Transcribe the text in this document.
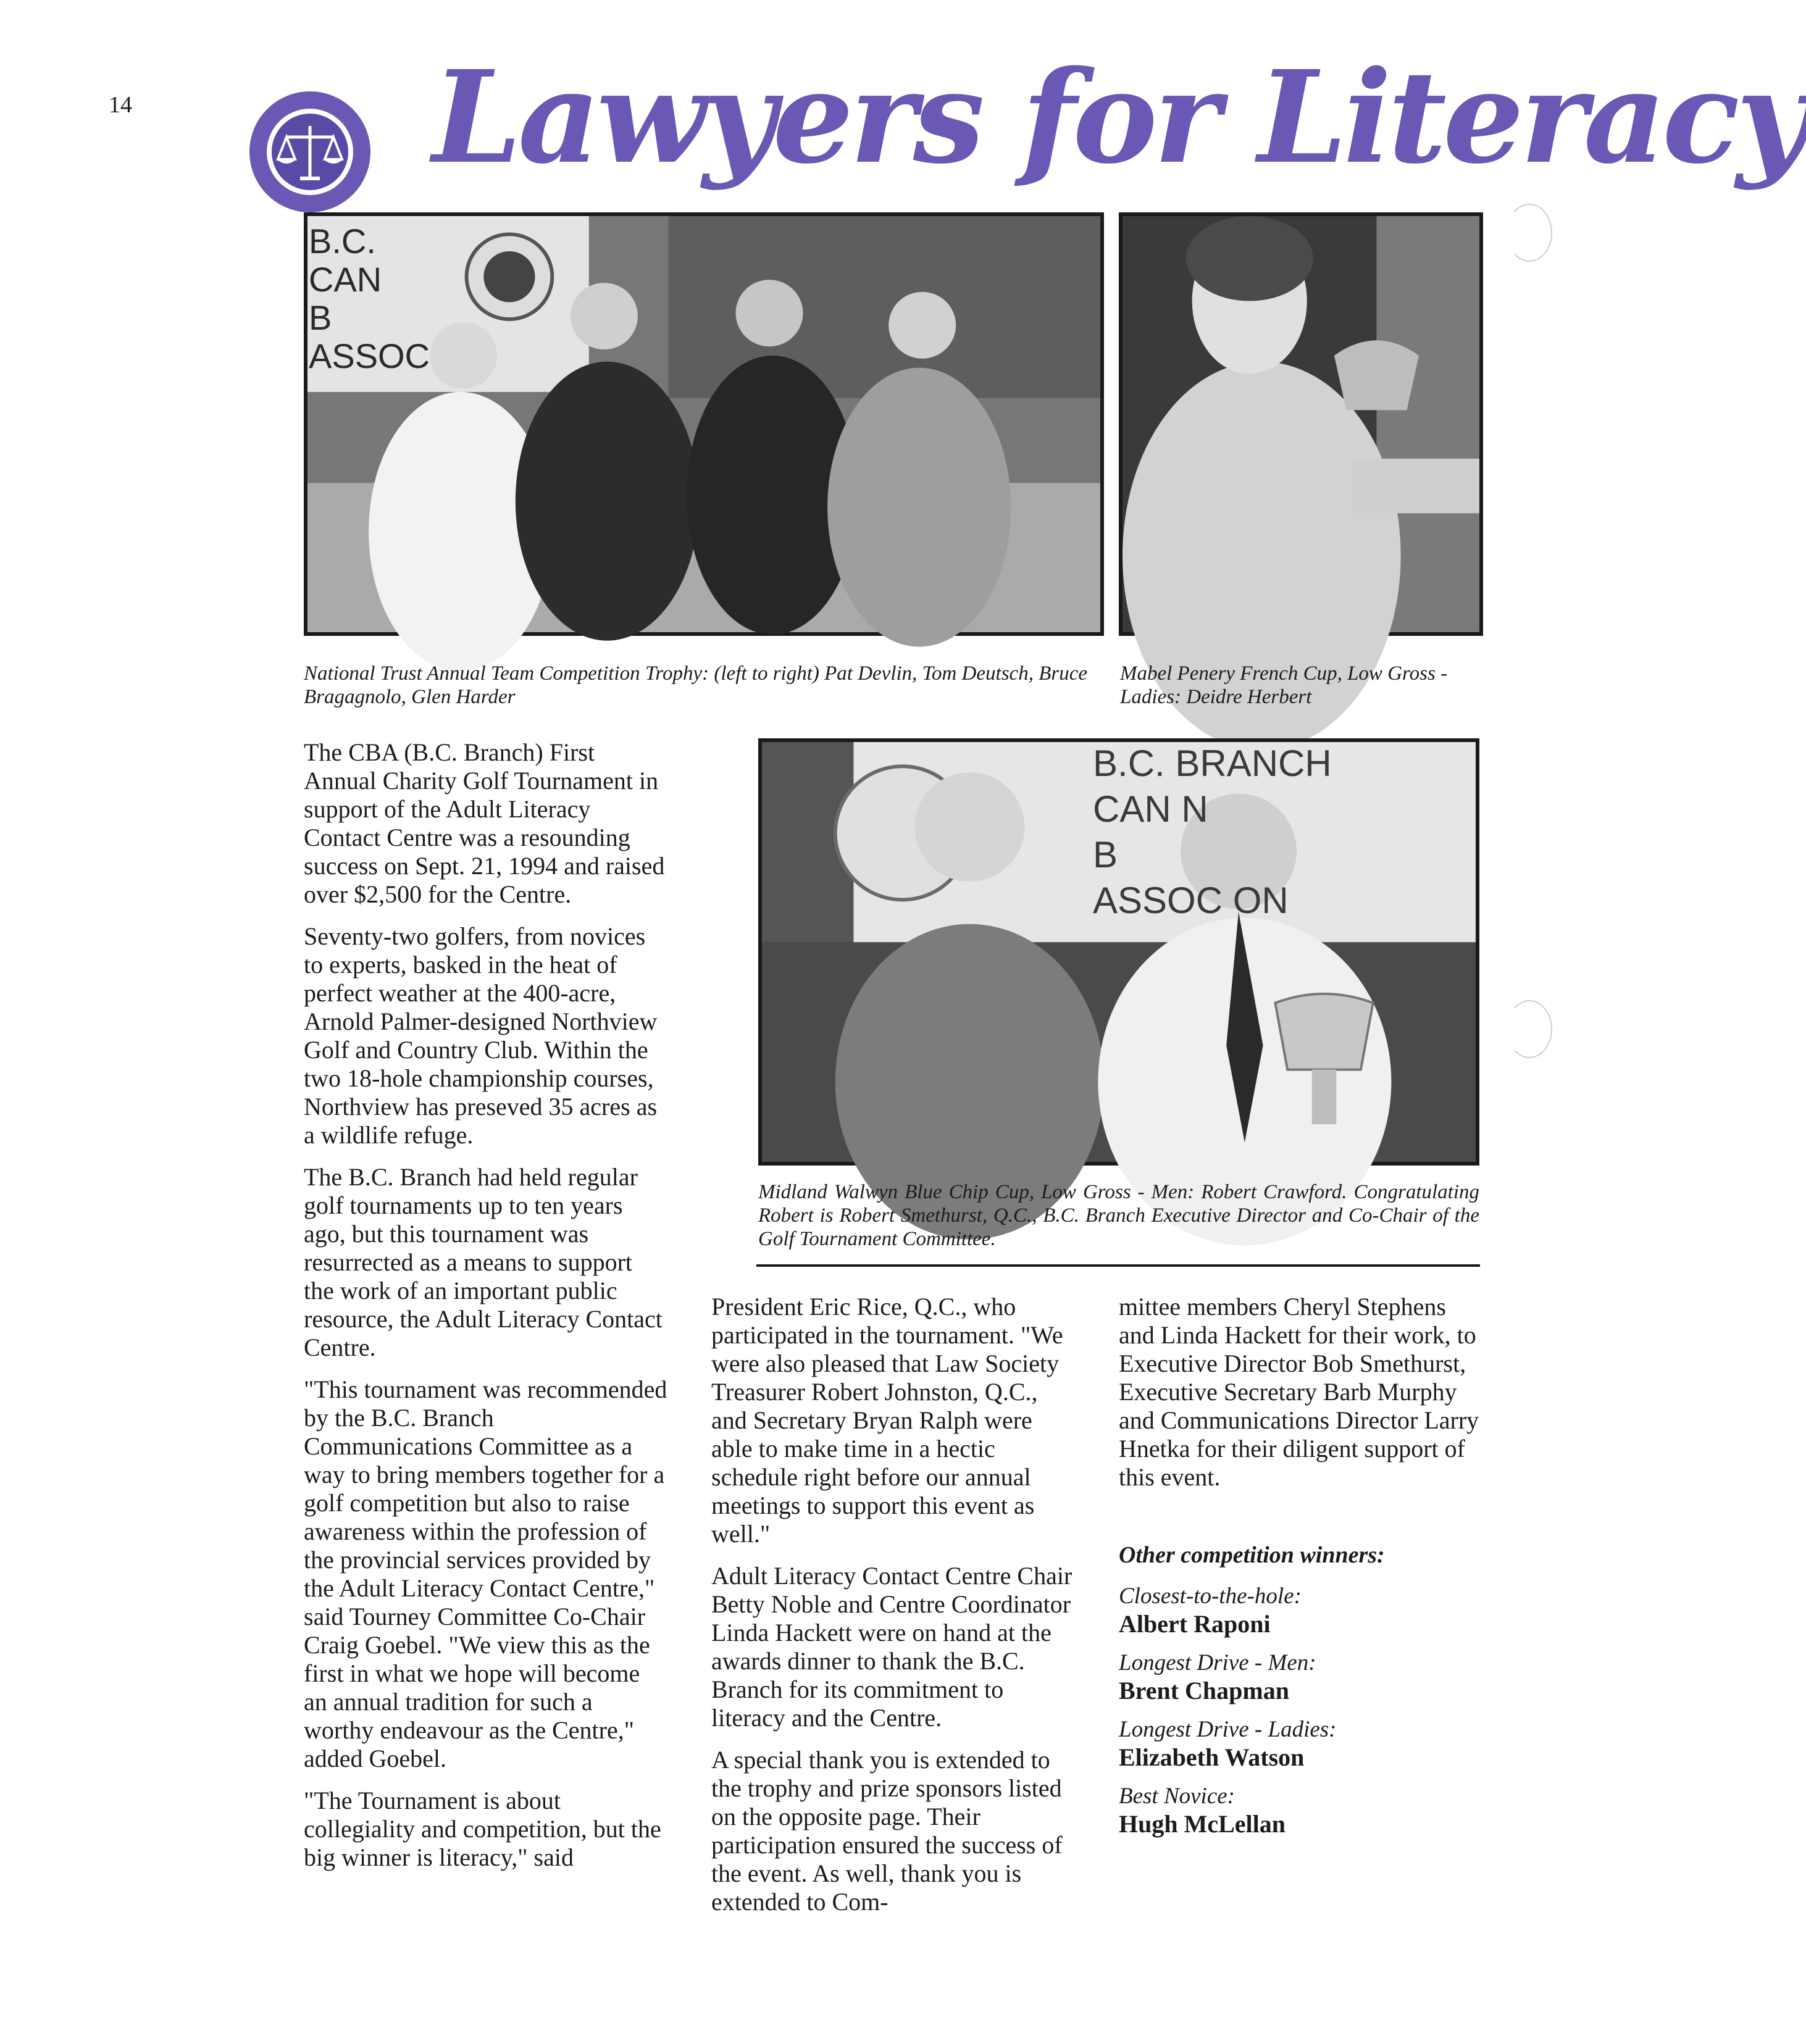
14 Lawyers for Literacy
B.C.
CAN
B
ASSOC
National Trust Annual Team Competition Trophy: (left to right) Pat Devlin, Tom Deutsch, Bruce Bragagnolo, Glen Harder
Mabel Penery French Cup, Low Gross - Ladies: Deidre Herbert
B.C. BRANCH
CAN N
B
ASSOC ON
Midland Walwyn Blue Chip Cup, Low Gross - Men: Robert Crawford. Congratulating Robert is Robert Smethurst, Q.C., B.C. Branch Executive Director and Co-Chair of the Golf Tournament Committee.

The CBA (B.C. Branch) First Annual Charity Golf Tournament in support of the Adult Literacy Contact Centre was a resounding success on Sept. 21, 1994 and raised over $2,500 for the Centre.

Seventy-two golfers, from novices to experts, basked in the heat of perfect weather at the 400-acre, Arnold Palmer-designed Northview Golf and Country Club. Within the two 18-hole championship courses, Northview has preseved 35 acres as a wildlife refuge.

The B.C. Branch had held regular golf tournaments up to ten years ago, but this tournament was resurrected as a means to support the work of an important public resource, the Adult Literacy Contact Centre.

"This tournament was recommended by the B.C. Branch Communications Committee as a way to bring members together for a golf competition but also to raise awareness within the profession of the provincial services provided by the Adult Literacy Contact Centre," said Tourney Committee Co-Chair Craig Goebel. "We view this as the first in what we hope will become an annual tradition for such a worthy endeavour as the Centre," added Goebel.

"The Tournament is about collegiality and competition, but the big winner is literacy," said

President Eric Rice, Q.C., who participated in the tournament. "We were also pleased that Law Society Treasurer Robert Johnston, Q.C., and Secretary Bryan Ralph were able to make time in a hectic schedule right before our annual meetings to support this event as well."

Adult Literacy Contact Centre Chair Betty Noble and Centre Coordinator Linda Hackett were on hand at the awards dinner to thank the B.C. Branch for its commitment to literacy and the Centre.

A special thank you is extended to the trophy and prize sponsors listed on the opposite page. Their participation ensured the success of the event. As well, thank you is extended to Com-

mittee members Cheryl Stephens and Linda Hackett for their work, to Executive Director Bob Smethurst, Executive Secretary Barb Murphy and Communications Director Larry Hnetka for their diligent support of this event.

Other competition winners:
Closest-to-the-hole:
Albert Raponi
Longest Drive - Men:
Brent Chapman
Longest Drive - Ladies:
Elizabeth Watson
Best Novice:
Hugh McLellan
